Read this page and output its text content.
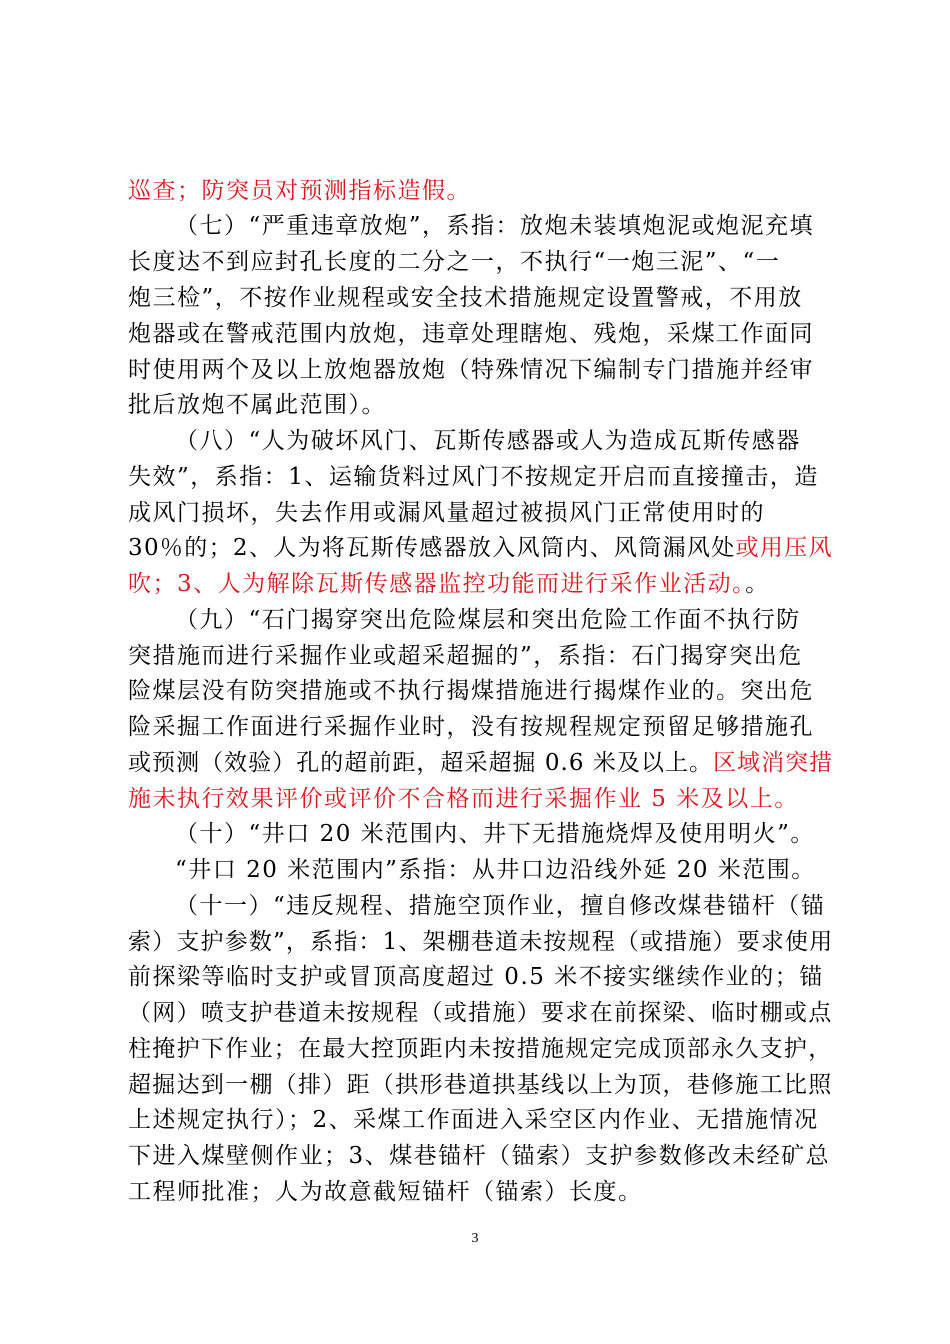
巡查；防突员对预测指标造假。
（七）“严重违章放炮”，系指：放炮未装填炮泥或炮泥充填
长度达不到应封孔长度的二分之一，不执行“一炮三泥”、“一
炮三检”，不按作业规程或安全技术措施规定设置警戒，不用放
炮器或在警戒范围内放炮，违章处理瞎炮、残炮，采煤工作面同
时使用两个及以上放炮器放炮（特殊情况下编制专门措施并经审
批后放炮不属此范围）。
（八）“人为破坏风门、瓦斯传感器或人为造成瓦斯传感器
失效”，系指：1、运输货料过风门不按规定开启而直接撞击，造
成风门损坏，失去作用或漏风量超过被损风门正常使用时的
30％的；2、人为将瓦斯传感器放入风筒内、风筒漏风处或用压风
吹；3、人为解除瓦斯传感器监控功能而进行采作业活动。。
（九）“石门揭穿突出危险煤层和突出危险工作面不执行防
突措施而进行采掘作业或超采超掘的”，系指：石门揭穿突出危
险煤层没有防突措施或不执行揭煤措施进行揭煤作业的。突出危
险采掘工作面进行采掘作业时，没有按规程规定预留足够措施孔
或预测（效验）孔的超前距，超采超掘 0.6 米及以上。区域消突措
施未执行效果评价或评价不合格而进行采掘作业 5 米及以上。
（十）“井口 20 米范围内、井下无措施烧焊及使用明火”。
“井口 20 米范围内”系指：从井口边沿线外延 20 米范围。
（十一）“违反规程、措施空顶作业，擅自修改煤巷锚杆（锚
索）支护参数”，系指：1、架棚巷道未按规程（或措施）要求使用
前探梁等临时支护或冒顶高度超过 0.5 米不接实继续作业的；锚
（网）喷支护巷道未按规程（或措施）要求在前探梁、临时棚或点
柱掩护下作业；在最大控顶距内未按措施规定完成顶部永久支护，
超掘达到一棚（排）距（拱形巷道拱基线以上为顶，巷修施工比照
上述规定执行）；2、采煤工作面进入采空区内作业、无措施情况
下进入煤壁侧作业；3、煤巷锚杆（锚索）支护参数修改未经矿总
工程师批准；人为故意截短锚杆（锚索）长度。
3
